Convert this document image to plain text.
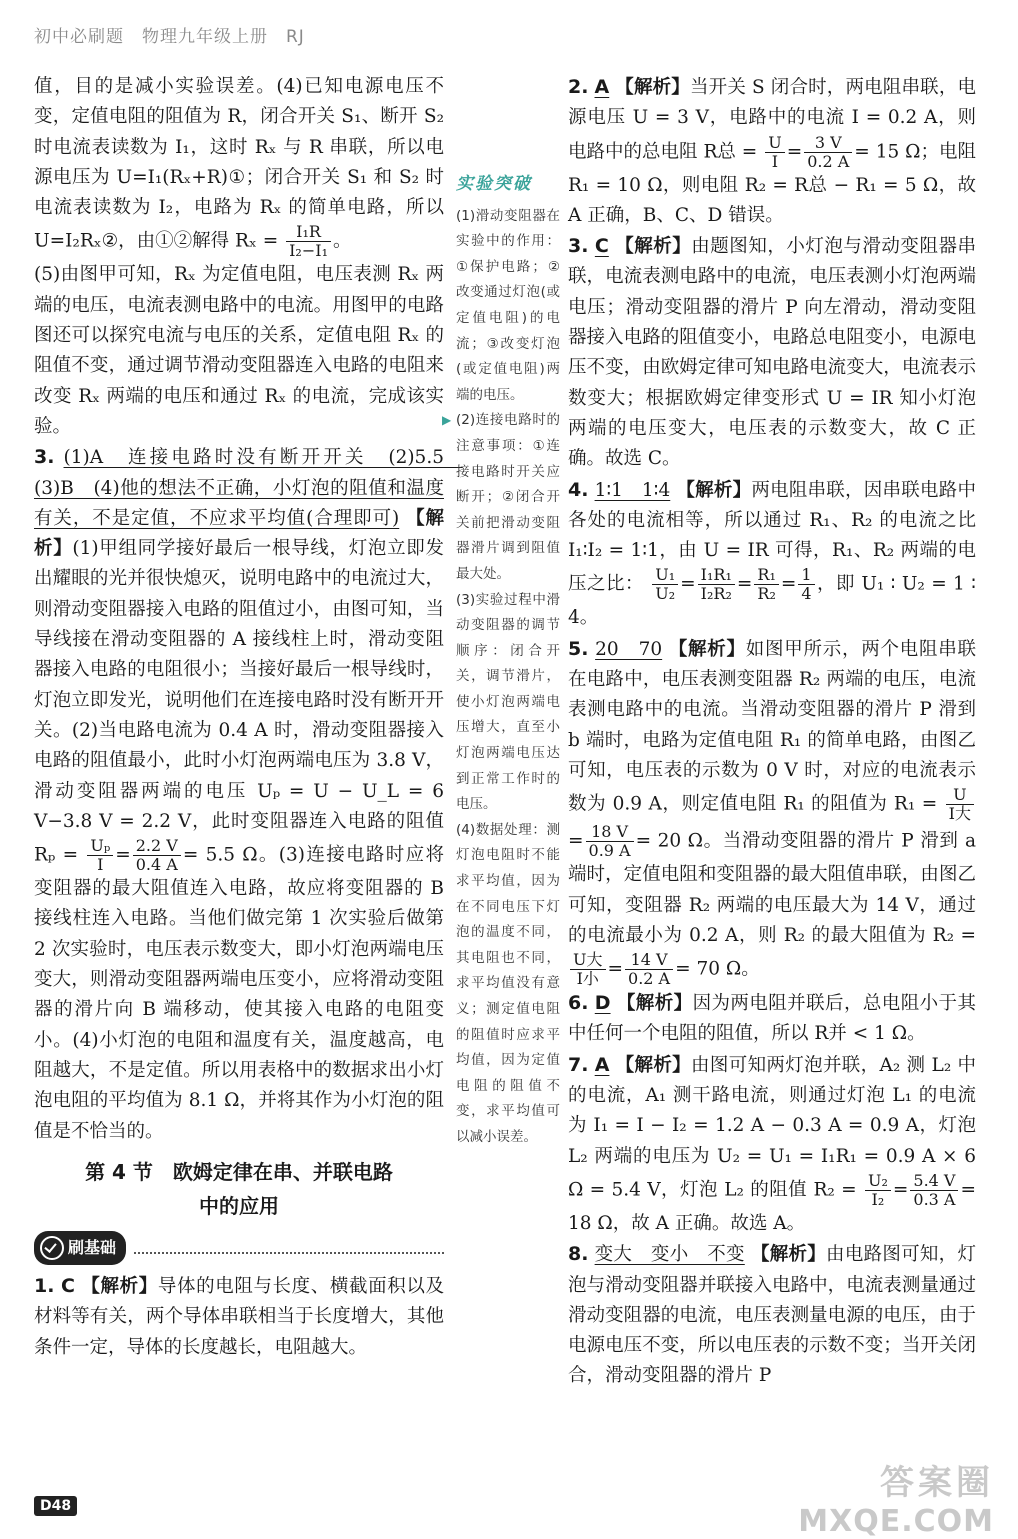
初中必刷题　物理九年级上册　RJ

值，目的是减小实验误差。(4)已知电源电压不变，定值电阻的阻值为 R，闭合开关 S₁、断开 S₂ 时电流表读数为 I₁，这时 Rₓ 与 R 串联，所以电源电压为 U=I₁(Rₓ+R)①；闭合开关 S₁ 和 S₂ 时电流表读数为 I₂，电路为 Rₓ 的简单电路，所以 U=I₂Rₓ②，由①②解得 $R_x = \frac{\text{I₁R}}{\text{I₂−I₁}}$ 。

(5)由图甲可知，Rₓ 为定值电阻，电压表测 Rₓ 两端的电压，电流表测电路中的电流。用图甲的电路图还可以探究电流与电压的关系，定值电阻 Rₓ 的阻值不变，通过调节滑动变阻器连入电路的电阻来改变 Rₓ 两端的电压和通过 Rₓ 的电流，完成该实验。

3. (1)A　连接电路时没有断开开关　(2)5.5　(3)B　(4)他的想法不正确，小灯泡的阻值和温度有关，不是定值，不应求平均值(合理即可) 【解析】(1)甲组同学接好最后一根导线，灯泡立即发出耀眼的光并很快熄灭，说明电路中的电流过大，则滑动变阻器接入电路的阻值过小，由图可知，当导线接在滑动变阻器的 A 接线柱上时，滑动变阻器接入电路的电阻很小；当接好最后一根导线时，灯泡立即发光，说明他们在连接电路时没有断开开关。(2)当电路电流为 0.4 A 时，滑动变阻器接入电路的阻值最小，此时小灯泡两端电压为 3.8 V，滑动变阻器两端的电压 Uₚ = U − U_L = 6 V−3.8 V = 2.2 V，此时变阻器连入电路的阻值 $R_p = \frac{\text{Uₚ}}{I} = \frac{2.2 V}{0.4 A} = 5.5$ Ω。(3)连接电路时应将变阻器的最大阻值连入电路，故应将变阻器的 B 接线柱连入电路。当他们做完第 1 次实验后做第 2 次实验时，电压表示数变大，即小灯泡两端电压变大，则滑动变阻器两端电压变小，应将滑动变阻器的滑片向 B 端移动，使其接入电路的电阻变小。(4)小灯泡的电阻和温度有关，温度越高，电阻越大，不是定值。所以用表格中的数据求出小灯泡电阻的平均值为 8.1 Ω，并将其作为小灯泡的阻值是不恰当的。

第 4 节　欧姆定律在串、并联电路
中的应用
刷基础

1. C 【解析】导体的电阻与长度、横截面积以及材料等有关，两个导体串联相当于长度增大，其他条件一定，导体的长度越长，电阻越大。

实验突破

(1)滑动变阻器在实验中的作用：①保护电路；②改变通过灯泡(或定值电阻)的电流；③改变灯泡(或定值电阻)两端的电压。

▶ (2)连接电路时的注意事项：①连接电路时开关应断开；②闭合开关前把滑动变阻器滑片调到阻值最大处。

(3)实验过程中滑动变阻器的调节顺序：闭合开关，调节滑片，使小灯泡两端电压增大，直至小灯泡两端电压达到正常工作时的电压。

(4)数据处理：测灯泡电阻时不能求平均值，因为在不同电压下灯泡的温度不同，其电阻也不同，求平均值没有意义；测定值电阻的阻值时应求平均值，因为定值电阻的阻值不变，求平均值可以减小误差。

2. A 【解析】当开关 S 闭合时，两电阻串联，电源电压 U = 3 V，电路中的电流 I = 0.2 A，则电路中的总电阻 R总 = $\frac{U}{I} = \frac{3 V}{0.2 A} = 15$ Ω；电阻 R₁ = 10 Ω，则电阻 R₂ = R总 − R₁ = 5 Ω，故 A 正确，B、C、D 错误。

3. C 【解析】由题图知，小灯泡与滑动变阻器串联，电流表测电路中的电流，电压表测小灯泡两端电压；滑动变阻器的滑片 P 向左滑动，滑动变阻器接入电路的阻值变小，电路总电阻变小，电源电压不变，由欧姆定律可知电路电流变大，电流表示数变大；根据欧姆定律变形式 U = IR 知小灯泡两端的电压变大，电压表的示数变大，故 C 正确。故选 C。

4. 1∶1　1∶4 【解析】两电阻串联，因串联电路中各处的电流相等，所以通过 R₁、R₂ 的电流之比 I₁∶I₂ = 1∶1，由 U = IR 可得，R₁、R₂ 两端的电压之比： $\frac{\text{U₁}}{\text{U₂}} = \frac{\text{I₁R₁}}{\text{I₂R₂}} = \frac{\text{R₁}}{\text{R₂}} = \frac{1}{4}$ ，即 U₁ ∶ U₂ = 1 ∶ 4。

5. 20　70 【解析】如图甲所示，两个电阻串联在电路中，电压表测变阻器 R₂ 两端的电压，电流表测电路中的电流。当滑动变阻器的滑片 P 滑到 b 端时，电路为定值电阻 R₁ 的简单电路，由图乙可知，电压表的示数为 0 V 时，对应的电流表示数为 0.9 A，则定值电阻 R₁ 的阻值为 $R_1 = \frac{U}{\text{I大}}$
= $\frac{18 V}{0.9 A} = 20$ Ω。当滑动变阻器的滑片 P 滑到 a 端时，定值电阻和变阻器的最大阻值串联，由图乙可知，变阻器 R₂ 两端的电压最大为 14 V，通过的电流最小为 0.2 A，则 R₂ 的最大阻值为 R₂ =
$\frac{\text{U大}}{\text{I小}} = \frac{14 V}{0.2 A} = 70$ Ω。

6. D 【解析】因为两电阻并联后，总电阻小于其中任何一个电阻的阻值，所以 R并 < 1 Ω。

7. A 【解析】由图可知两灯泡并联，A₂ 测 L₂ 中的电流，A₁ 测干路电流，则通过灯泡 L₁ 的电流为 I₁ = I − I₂ = 1.2 A − 0.3 A = 0.9 A，灯泡 L₂ 两端的电压为 U₂ = U₁ = I₁R₁ = 0.9 A × 6 Ω = 5.4 V，灯泡 L₂ 的阻值 $R_2 = \frac{\text{U₂}}{\text{I₂}} = \frac{5.4 V}{0.3 A} = 18$ Ω，故 A 正确。故选 A。

8. 变大　变小　不变 【解析】由电路图可知，灯泡与滑动变阻器并联接入电路中，电流表测量通过滑动变阻器的电流，电压表测量电源的电压，由于电源电压不变，所以电压表的示数不变；当开关闭合，滑动变阻器的滑片 P

D48
答案圈
MXQE.COM
